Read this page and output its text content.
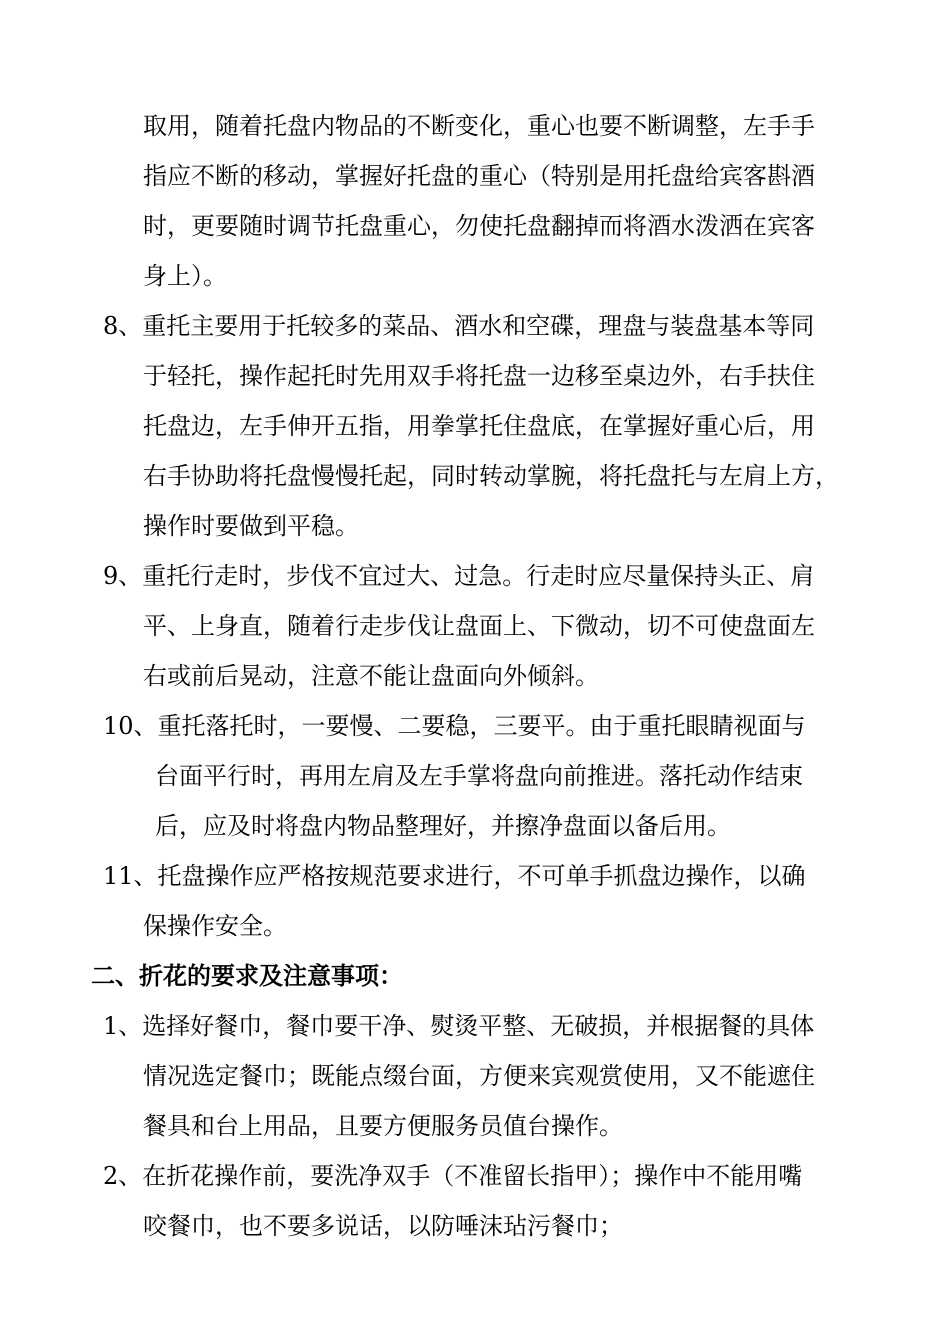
取用，随着托盘内物品的不断变化，重心也要不断调整，左手手
指应不断的移动，掌握好托盘的重心（特别是用托盘给宾客斟酒
时，更要随时调节托盘重心，勿使托盘翻掉而将酒水泼洒在宾客
身上）。
8、重托主要用于托较多的菜品、酒水和空碟，理盘与装盘基本等同
于轻托，操作起托时先用双手将托盘一边移至桌边外，右手扶住
托盘边，左手伸开五指，用拳掌托住盘底，在掌握好重心后，用
右手协助将托盘慢慢托起，同时转动掌腕，将托盘托与左肩上方，
操作时要做到平稳。
9、重托行走时，步伐不宜过大、过急。行走时应尽量保持头正、肩
平、上身直，随着行走步伐让盘面上、下微动，切不可使盘面左
右或前后晃动，注意不能让盘面向外倾斜。
10、重托落托时，一要慢、二要稳，三要平。由于重托眼睛视面与
台面平行时，再用左肩及左手掌将盘向前推进。落托动作结束
后，应及时将盘内物品整理好，并擦净盘面以备后用。
11、托盘操作应严格按规范要求进行，不可单手抓盘边操作，以确
保操作安全。
二、折花的要求及注意事项：
1、选择好餐巾，餐巾要干净、熨烫平整、无破损，并根据餐的具体
情况选定餐巾；既能点缀台面，方便来宾观赏使用，又不能遮住
餐具和台上用品，且要方便服务员值台操作。
2、在折花操作前，要洗净双手（不准留长指甲）；操作中不能用嘴
咬餐巾，也不要多说话，以防唾沫玷污餐巾；
